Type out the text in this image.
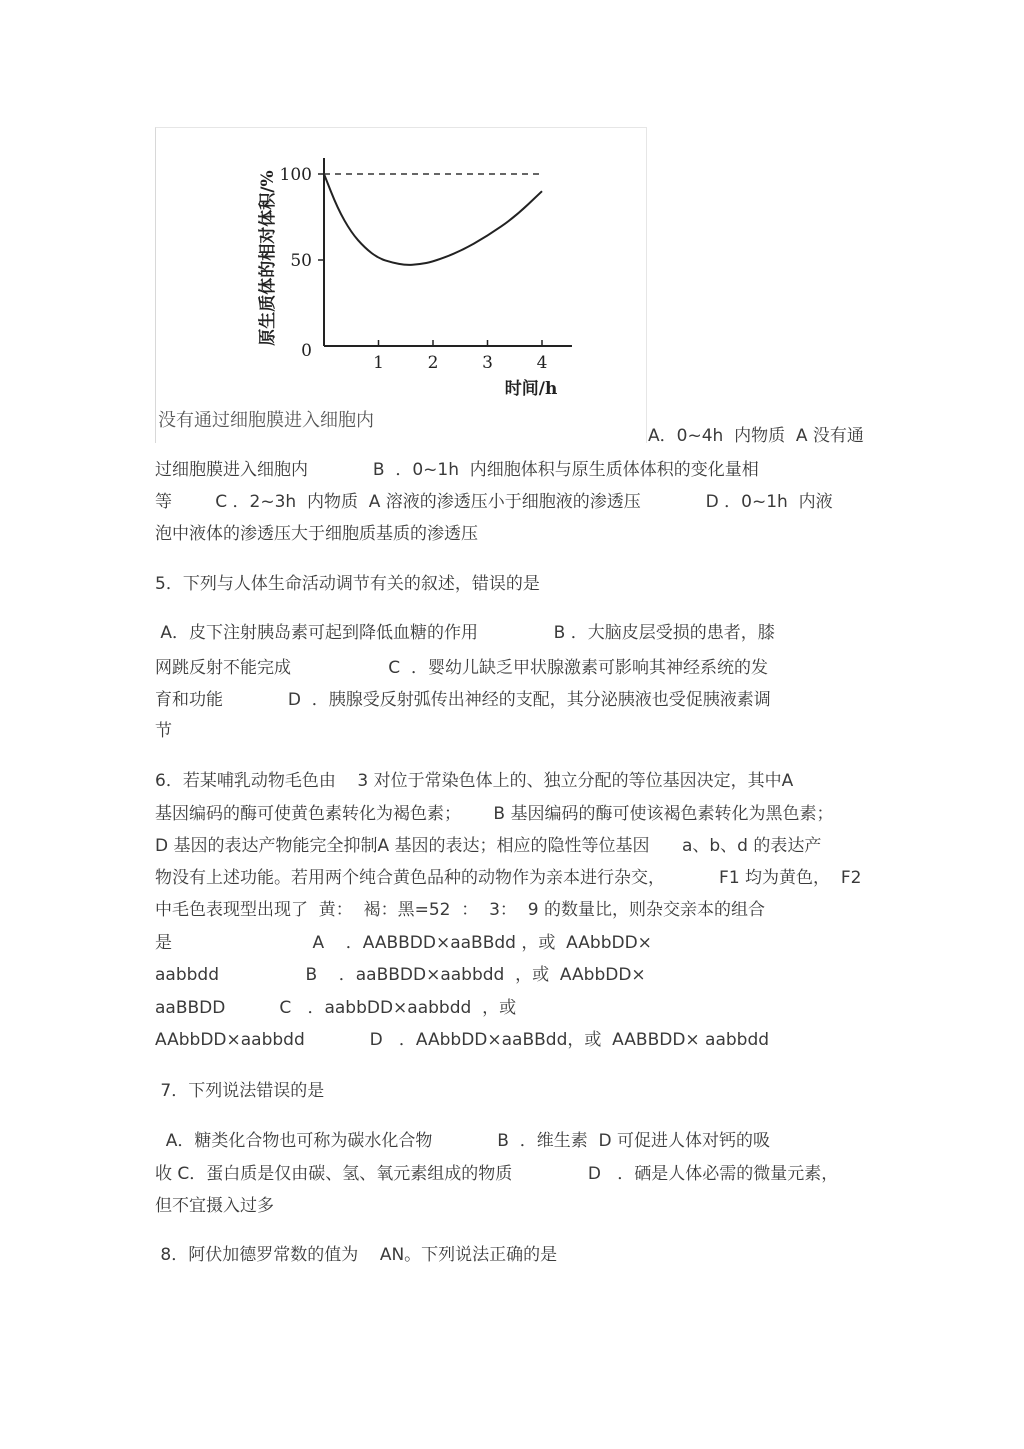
100
50
0
1	2	3	4
时间/h
原生质体的相对体积/%
没有通过细胞膜进入细胞内
A．0~4h  内物质  A 没有通
过细胞膜进入细胞内            B  ．0~1h  内细胞体积与原生质体体积的变化量相
等        C ．2~3h  内物质  A 溶液的渗透压小于细胞液的渗透压            D ．0~1h  内液
泡中液体的渗透压大于细胞质基质的渗透压
5．下列与人体生命活动调节有关的叙述，错误的是
A．皮下注射胰岛素可起到降低血糖的作用              B ．大脑皮层受损的患者，膝
网跳反射不能完成                  C  ．婴幼儿缺乏甲状腺激素可影响其神经系统的发
育和功能            D  ．胰腺受反射弧传出神经的支配，其分泌胰液也受促胰液素调
节
6．若某哺乳动物毛色由    3 对位于常染色体上的、独立分配的等位基因决定，其中A
基因编码的酶可使黄色素转化为褐色素；      B 基因编码的酶可使该褐色素转化为黑色素；
D 基因的表达产物能完全抑制A 基因的表达；相应的隐性等位基因      a、b、d 的表达产
物没有上述功能。若用两个纯合黄色品种的动物作为亲本进行杂交，          F1 均为黄色，  F2
中毛色表现型出现了  黄：  褐：黑=52  ：  3：  9 的数量比，则杂交亲本的组合
是                          A    ．AABBDD×aaBBdd ，或  AAbbDD×
aabbdd                B    ．aaBBDD×aabbdd  ，或  AAbbDD×
aaBBDD          C   ．aabbDD×aabbdd  ，或
AAbbDD×aabbdd            D   ．AAbbDD×aaBBdd，或  AABBDD× aabbdd
7．下列说法错误的是
A．糖类化合物也可称为碳水化合物            B  ．维生素  D 可促进人体对钙的吸
收 C．蛋白质是仅由碳、氢、氧元素组成的物质              D   ．硒是人体必需的微量元素，
但不宜摄入过多
8．阿伏加德罗常数的值为    AN。下列说法正确的是
